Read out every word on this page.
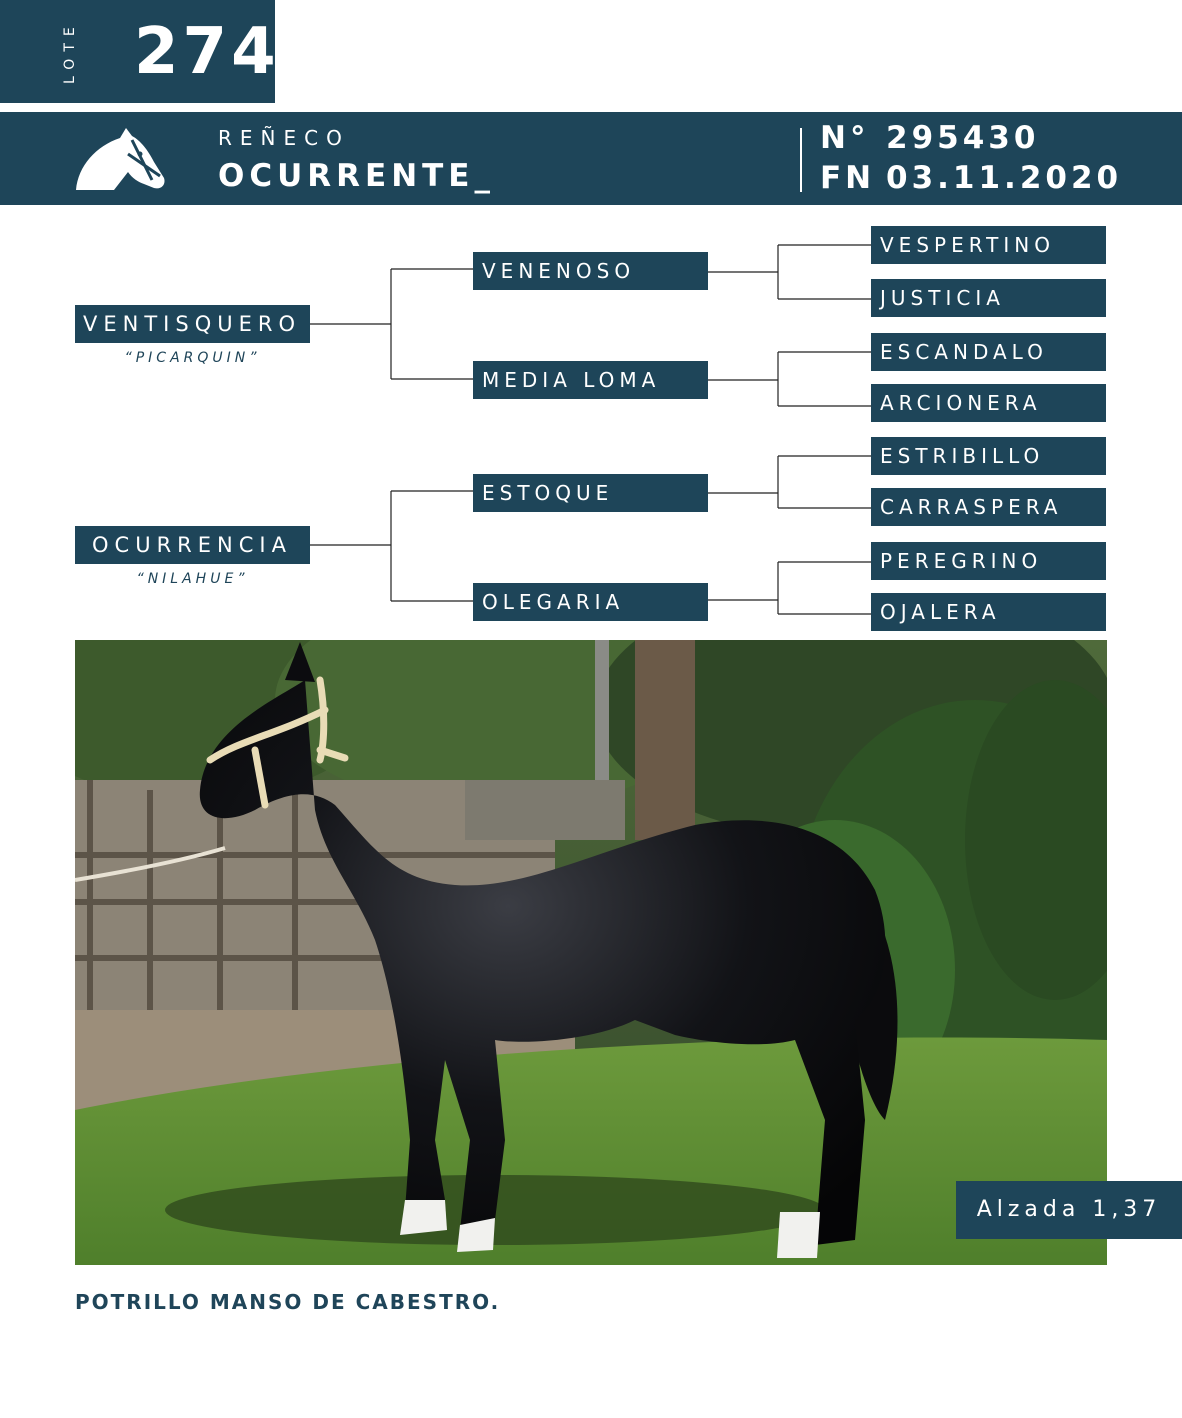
LOTE 274
REÑECO
OCURRENTE_
N° 295430
FN 03.11.2020
VENTISQUERO
“PICARQUIN”
OCURRENCIA
“NILAHUE”
VENENOSO
MEDIA LOMA
ESTOQUE
OLEGARIA
VESPERTINO
JUSTICIA
ESCANDALO
ARCIONERA
ESTRIBILLO
CARRASPERA
PEREGRINO
OJALERA
Alzada 1,37
POTRILLO MANSO DE CABESTRO.
